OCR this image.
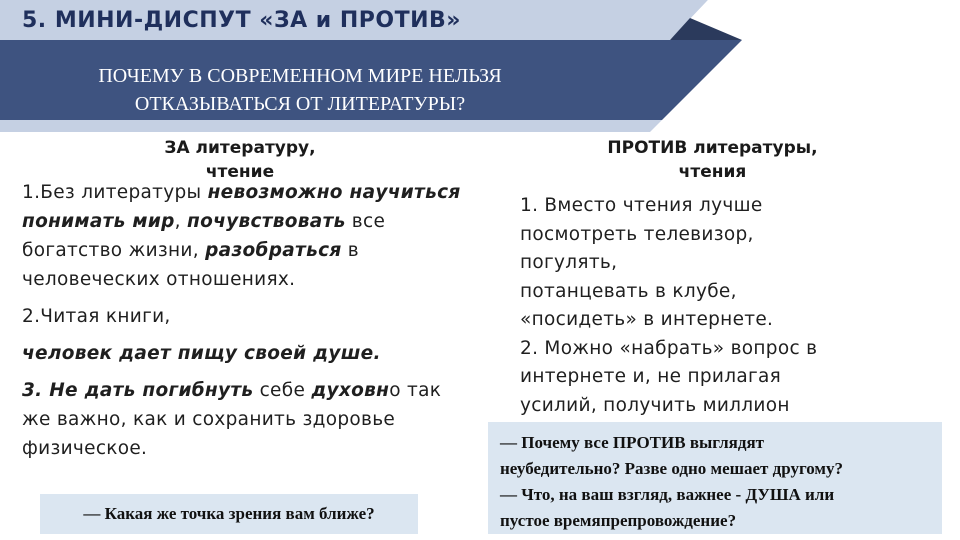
5. МИНИ-ДИСПУТ «ЗА и ПРОТИВ»
ПОЧЕМУ В СОВРЕМЕННОМ МИРЕ НЕЛЬЗЯ
ОТКАЗЫВАТЬСЯ ОТ ЛИТЕРАТУРЫ?
ЗА литературу,
чтение

1.Без литературы невозможно научиться понимать мир, почувствовать все богатство жизни, разобраться в человеческих отношениях.

2.Читая книги,

человек дает пищу своей душе.

3. Не дать погибнуть себе духовно так же важно, как и сохранить здоровье физическое.

ПРОТИВ литературы,
чтения

1. Вместо чтения лучше

посмотреть телевизор,

погулять,

потанцевать в клубе,

«посидеть» в интернете.

2. Можно «набрать» вопрос в

интернете и, не прилагая

усилий, получить миллион

— Какая же точка зрения вам ближе?
— Почему все ПРОТИВ выглядят
неубедительно? Разве одно мешает другому?
— Что, на ваш взгляд, важнее - ДУША или
пустое времяпрепровождение?
